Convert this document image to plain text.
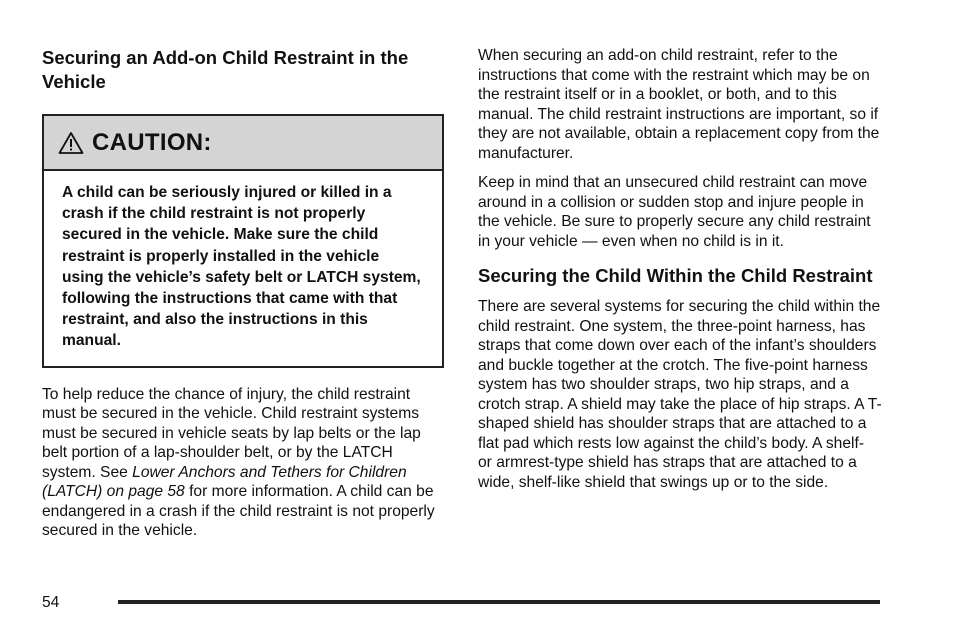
Securing an Add-on Child Restraint in the Vehicle
CAUTION:
A child can be seriously injured or killed in a crash if the child restraint is not properly secured in the vehicle. Make sure the child restraint is properly installed in the vehicle using the vehicle’s safety belt or LATCH system, following the instructions that came with that restraint, and also the instructions in this manual.

To help reduce the chance of injury, the child restraint must be secured in the vehicle. Child restraint systems must be secured in vehicle seats by lap belts or the lap belt portion of a lap-shoulder belt, or by the LATCH system. See Lower Anchors and Tethers for Children (LATCH) on page 58 for more information. A child can be endangered in a crash if the child restraint is not properly secured in the vehicle.

When securing an add-on child restraint, refer to the instructions that come with the restraint which may be on the restraint itself or in a booklet, or both, and to this manual. The child restraint instructions are important, so if they are not available, obtain a replacement copy from the manufacturer.

Keep in mind that an unsecured child restraint can move around in a collision or sudden stop and injure people in the vehicle. Be sure to properly secure any child restraint in your vehicle — even when no child is in it.

Securing the Child Within the Child Restraint

There are several systems for securing the child within the child restraint. One system, the three-point harness, has straps that come down over each of the infant’s shoulders and buckle together at the crotch. The five-point harness system has two shoulder straps, two hip straps, and a crotch strap. A shield may take the place of hip straps. A T-shaped shield has shoulder straps that are attached to a flat pad which rests low against the child’s body. A shelf- or armrest-type shield has straps that are attached to a wide, shelf-like shield that swings up or to the side.

54
